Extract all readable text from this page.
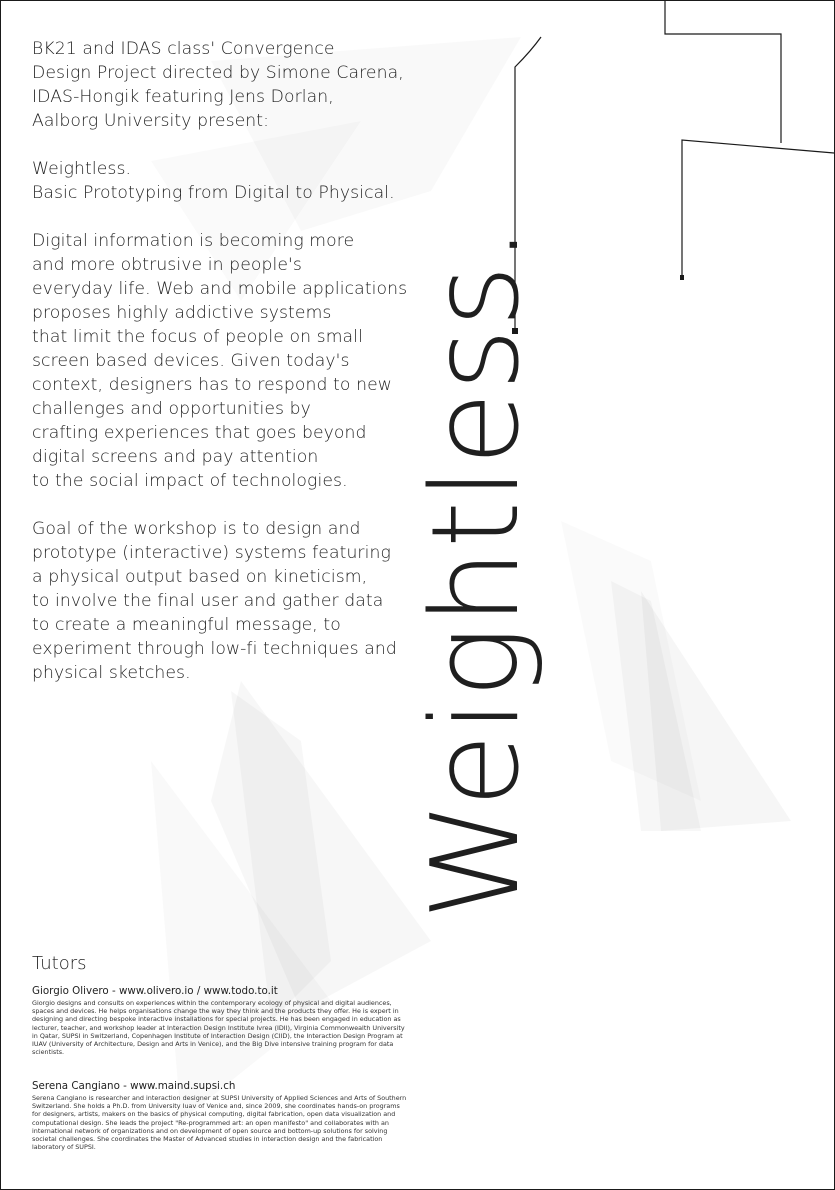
BK21 and IDAS class' Convergence
Design Project directed by Simone Carena,
IDAS-Hongik featuring Jens Dorlan,
Aalborg University present:

Weightless.
Basic Prototyping from Digital to Physical.

Digital information is becoming more
and more obtrusive in people's
everyday life. Web and mobile applications
proposes highly addictive systems
that limit the focus of people on small
screen based devices. Given today's
context, designers has to respond to new
challenges and opportunities by
crafting experiences that goes beyond
digital screens and pay attention
to the social impact of technologies.

Goal of the workshop is to design and
prototype (interactive) systems featuring
a physical output based on kineticism,
to involve the final user and gather data
to create a meaningful message, to
experiment through low-fi techniques and
physical sketches.	Weightless.
Tutors

Giorgio Olivero - www.olivero.io / www.todo.to.it

Giorgio designs and consults on experiences within the contemporary ecology of physical and digital audiences, spaces and devices. He helps organisations change the way they think and the products they offer. He is expert in designing and directing bespoke interactive installations for special projects. He has been engaged in education as lecturer, teacher, and workshop leader at Interaction Design Institute Ivrea (IDII), Virginia Commonwealth University in Qatar, SUPSI in Switzerland, Copenhagen Institute of Interaction Design (CIID), the Interaction Design Program at IUAV (University of Architecture, Design and Arts in Venice), and the Big Dive intensive training program for data scientists.

Serena Cangiano - www.maind.supsi.ch

Serena Cangiano is researcher and interaction designer at SUPSI University of Applied Sciences and Arts of Southern Switzerland. She holds a Ph.D. from University Iuav of Venice and, since 2009, she coordinates hands-on programs for designers, artists, makers on the basics of physical computing, digital fabrication, open data visualization and computational design. She leads the project "Re-programmed art: an open manifesto" and collaborates with an international network of organizations and on development of open source and bottom-up solutions for solving societal challenges. She coordinates the Master of Advanced studies in interaction design and the fabrication laboratory of SUPSI.
